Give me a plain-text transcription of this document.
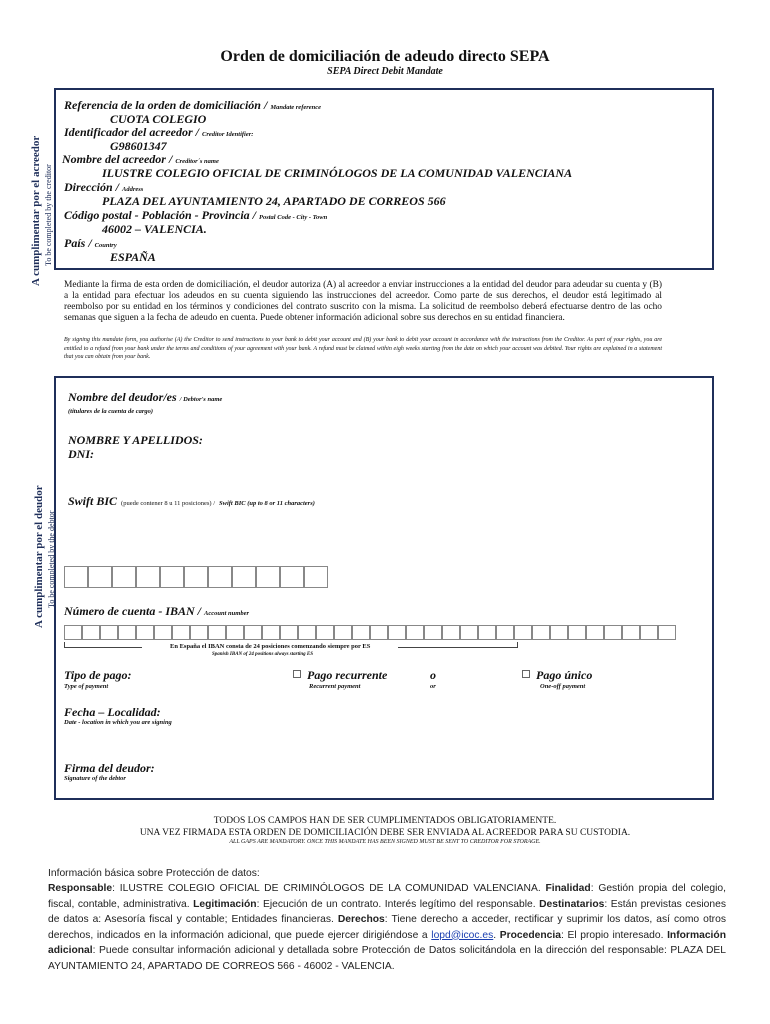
Orden de domiciliación de adeudo directo SEPA
SEPA Direct Debit Mandate
A cumplimentar por el acreedor To be completed by the creditor
Referencia de la orden de domiciliación / Mandate reference
CUOTA COLEGIO
Identificador del acreedor / Creditor Identifier:
G98601347
Nombre del acreedor / Creditor´s name
ILUSTRE COLEGIO OFICIAL DE CRIMINÓLOGOS DE LA COMUNIDAD VALENCIANA
Dirección / Address
PLAZA DEL AYUNTAMIENTO 24, APARTADO DE CORREOS 566
Código postal - Población - Provincia / Postal Code - City - Town
46002 – VALENCIA.
País / Country
ESPAÑA
Mediante la firma de esta orden de domiciliación, el deudor autoriza (A) al acreedor a enviar instrucciones a la entidad del deudor para adeudar su cuenta y (B) a la entidad para efectuar los adeudos en su cuenta siguiendo las instrucciones del acreedor. Como parte de sus derechos, el deudor está legitimado al reembolso por su entidad en los términos y condiciones del contrato suscrito con la misma. La solicitud de reembolso deberá efectuarse dentro de las ocho semanas que siguen a la fecha de adeudo en cuenta. Puede obtener información adicional sobre sus derechos en su entidad financiera.
By signing this mandate form, you authorise (A) the Creditor to send instructions to your bank to debit your account and (B) your bank to debit your account in accordance with the instructions from the Creditor. As part of your rights, you are entitled to a refund from your bank under the terms and conditions of your agreement with your bank. A refund must be claimed within eigh weeks starting from the date on which your account was debited. Your rights are explained in a statement that you can obtain from your bank.
A cumplimentar por el deudor To be completed by the debtor
Nombre del deudor/es / Debtor's name
(titulares de la cuenta de cargo)
NOMBRE Y APELLIDOS:
DNI:
Swift BIC (puede contener 8 u 11 posiciones) / Swift BIC (up to 8 or 11 characters)
Número de cuenta - IBAN / Account number
En España el IBAN consta de 24 posiciones comenzando siempre por ES
Spanish IBAN of 24 positions always starting ES
Tipo de pago:
Type of payment
Pago recurrente
Recurrent payment
o
or
Pago único
One-off payment
Fecha – Localidad:
Date - location in which you are signing
Firma del deudor:
Signature of the debtor
TODOS LOS CAMPOS HAN DE SER CUMPLIMENTADOS OBLIGATORIAMENTE.
UNA VEZ FIRMADA ESTA ORDEN DE DOMICILIACIÓN DEBE SER ENVIADA AL ACREEDOR PARA SU CUSTODIA.
ALL GAPS ARE MANDATORY. ONCE THIS MANDATE HAS BEEN SIGNED MUST BE SENT TO CREDITOR FOR STORAGE.
Información básica sobre Protección de datos:
Responsable: ILUSTRE COLEGIO OFICIAL DE CRIMINÓLOGOS DE LA COMUNIDAD VALENCIANA. Finalidad: Gestión propia del colegio, fiscal, contable, administrativa. Legitimación: Ejecución de un contrato. Interés legítimo del responsable. Destinatarios: Están previstas cesiones de datos a: Asesoría fiscal y contable; Entidades financieras. Derechos: Tiene derecho a acceder, rectificar y suprimir los datos, así como otros derechos, indicados en la información adicional, que puede ejercer dirigiéndose a lopd@icoc.es. Procedencia: El propio interesado. Información adicional: Puede consultar información adicional y detallada sobre Protección de Datos solicitándola en la dirección del responsable: PLAZA DEL AYUNTAMIENTO 24, APARTADO DE CORREOS 566 - 46002 - VALENCIA.
